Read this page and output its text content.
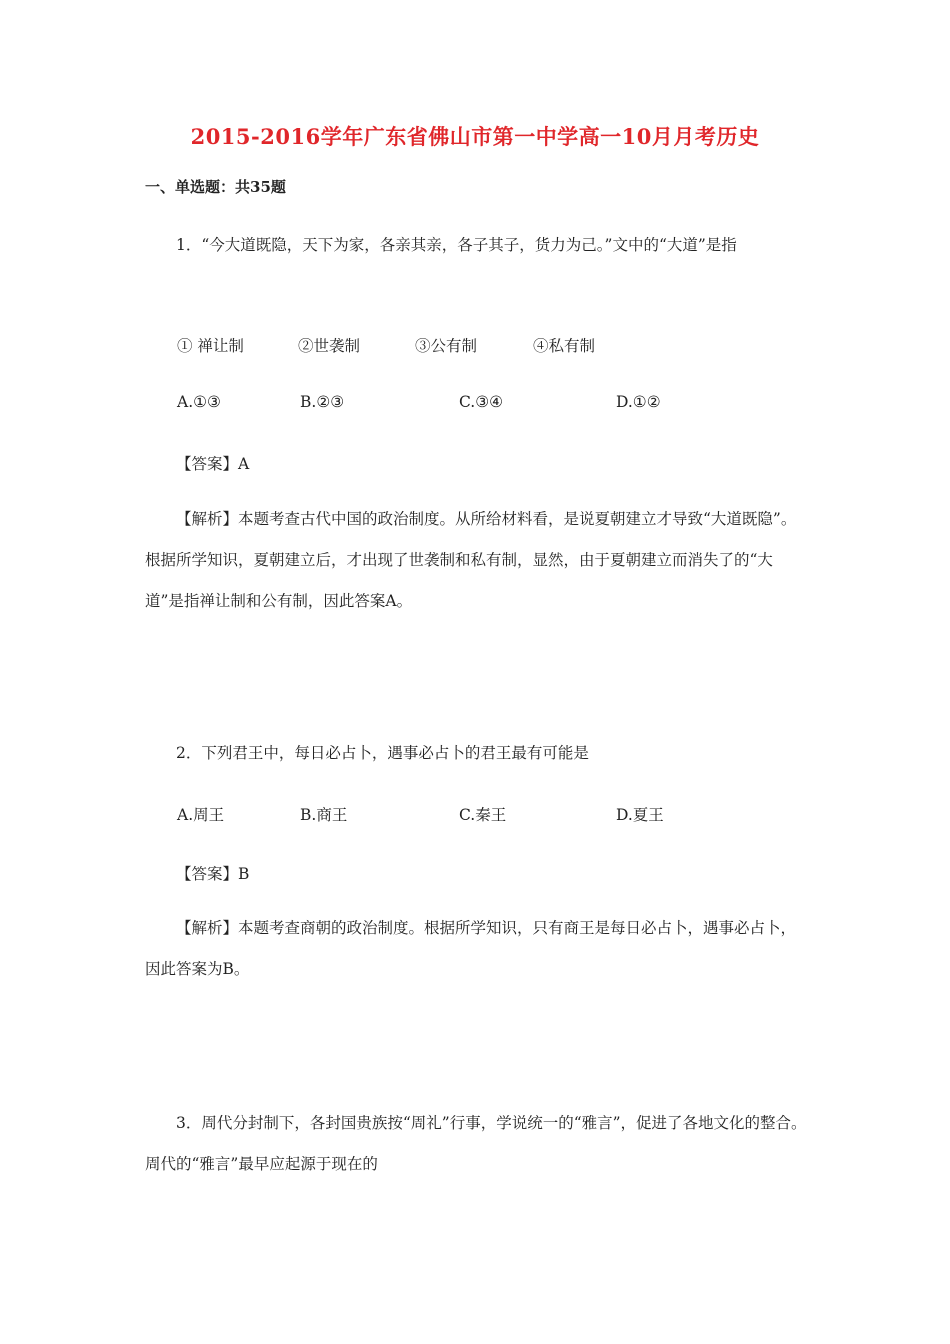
2015-2016学年广东省佛山市第一中学高一10月月考历史
一、单选题：共35题
1．“今大道既隐，天下为家，各亲其亲，各子其子，货力为己。”文中的“大道”是指
① 禅让制	②世袭制	③公有制	④私有制
A.①③	B.②③	C.③④	D.①②
【答案】A
【解析】本题考查古代中国的政治制度。从所给材料看，是说夏朝建立才导致“大道既隐”。根据所学知识，夏朝建立后，才出现了世袭制和私有制，显然，由于夏朝建立而消失了的“大道”是指禅让制和公有制，因此答案A。
2．下列君王中，每日必占卜，遇事必占卜的君王最有可能是
A.周王	B.商王	C.秦王	D.夏王
【答案】B
【解析】本题考查商朝的政治制度。根据所学知识，只有商王是每日必占卜，遇事必占卜，因此答案为B。
3．周代分封制下，各封国贵族按“周礼”行事，学说统一的“雅言”，促进了各地文化的整合。周代的“雅言”最早应起源于现在的
